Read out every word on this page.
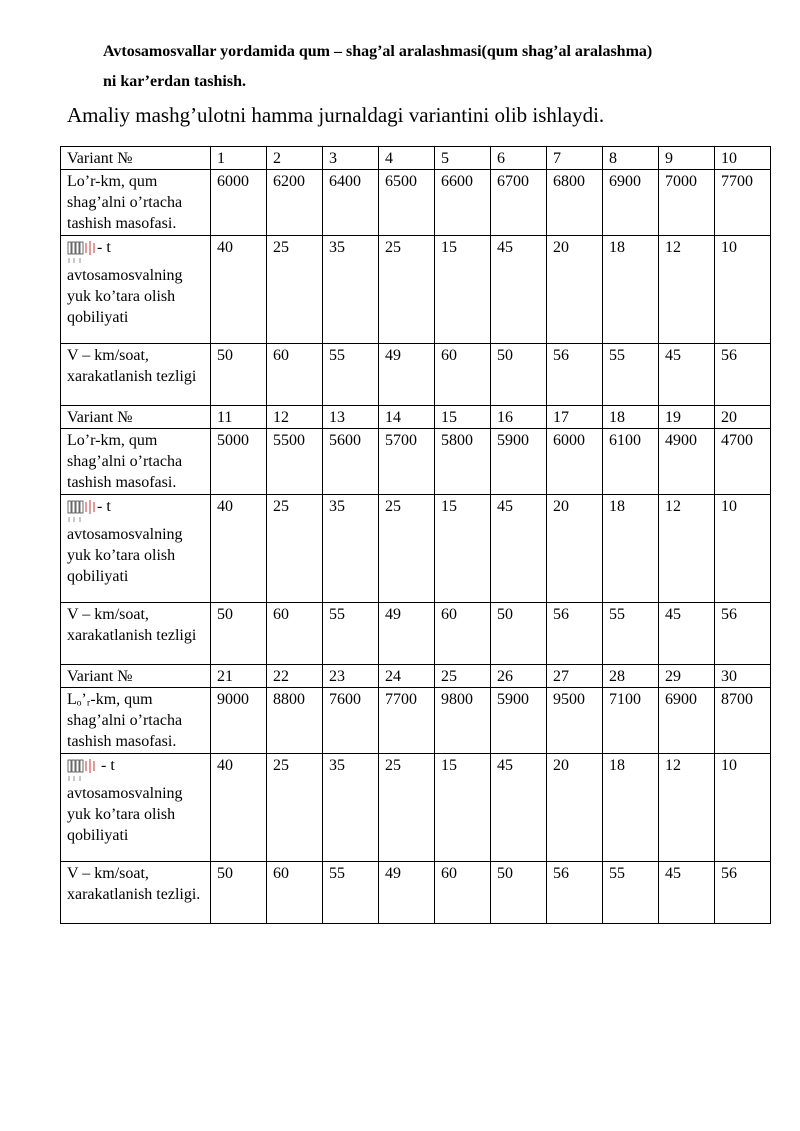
Avtosamosvallar yordamida qum – shag’al aralashmasi(qum shag’al aralashma)
ni kar’erdan tashish.
Amaliy mashg’ulotni hamma jurnaldagi variantini olib ishlaydi.
Variant №	1	2	3	4	5	6	7	8	9	10
Lo’r-km, qum shag’alni o’rtacha tashish masofasi.	6000	6200	6400	6500	6600	6700	6800	6900	7000	7700

- t avtosamosvalning yuk ko’tara olish qobiliyati	40	25	35	25	15	45	20	18	12	10
V – km/soat, xarakatlanish tezligi	50	60	55	49	60	50	56	55	45	56
Variant №	11	12	13	14	15	16	17	18	19	20
Lo’r-km, qum shag’alni o’rtacha tashish masofasi.	5000	5500	5600	5700	5800	5900	6000	6100	4900	4700

- t avtosamosvalning yuk ko’tara olish qobiliyati	40	25	35	25	15	45	20	18	12	10
V – km/soat, xarakatlanish tezligi	50	60	55	49	60	50	56	55	45	56
Variant №	21	22	23	24	25	26	27	28	29	30
Lₒ’ᵣ-km, qum shag’alni o’rtacha tashish masofasi.	9000	8800	7600	7700	9800	5900	9500	7100	6900	8700

- t avtosamosvalning yuk ko’tara olish qobiliyati	40	25	35	25	15	45	20	18	12	10
V – km/soat, xarakatlanish tezligi.	50	60	55	49	60	50	56	55	45	56
